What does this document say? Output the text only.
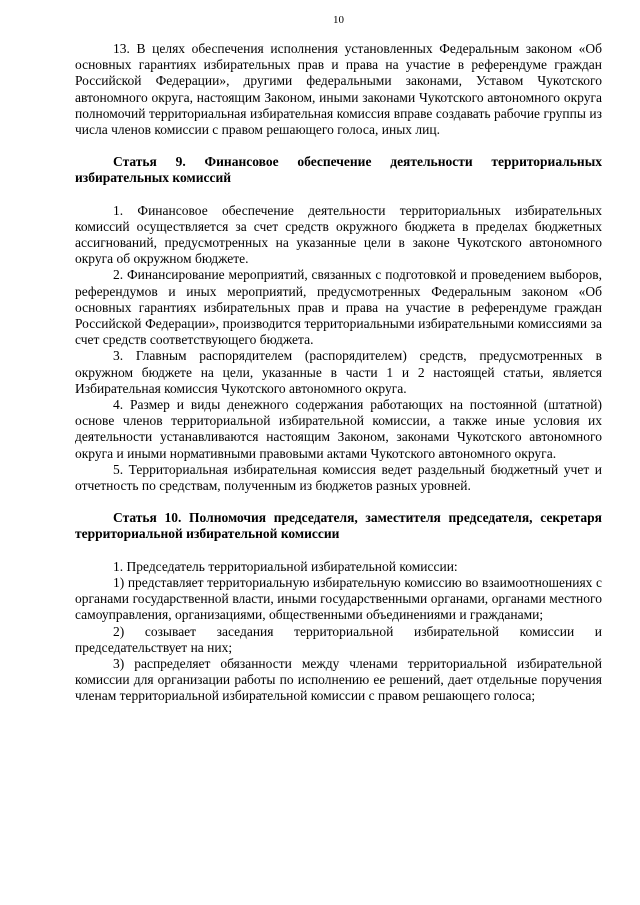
10

13. В целях обеспечения исполнения установленных Федеральным законом «Об основных гарантиях избирательных прав и права на участие в референдуме граждан Российской Федерации», другими федеральными законами, Уставом Чукотского автономного округа, настоящим Законом, иными законами Чукотского автономного округа полномочий территориальная избирательная комиссия вправе создавать рабочие группы из числа членов комиссии с правом решающего голоса, иных лиц.

Статья 9. Финансовое обеспечение деятельности территориальных избирательных комиссий

1. Финансовое обеспечение деятельности территориальных избирательных комиссий осуществляется за счет средств окружного бюджета в пределах бюджетных ассигнований, предусмотренных на указанные цели в законе Чукотского автономного округа об окружном бюджете.

2. Финансирование мероприятий, связанных с подготовкой и проведением выборов, референдумов и иных мероприятий, предусмотренных Федеральным законом «Об основных гарантиях избирательных прав и права на участие в референдуме граждан Российской Федерации», производится территориальными избирательными комиссиями за счет средств соответствующего бюджета.

3. Главным распорядителем (распорядителем) средств, предусмотренных в окружном бюджете на цели, указанные в части 1 и 2 настоящей статьи, является Избирательная комиссия Чукотского автономного округа.

4. Размер и виды денежного содержания работающих на постоянной (штатной) основе членов территориальной избирательной комиссии, а также иные условия их деятельности устанавливаются настоящим Законом, законами Чукотского автономного округа и иными нормативными правовыми актами Чукотского автономного округа.

5. Территориальная избирательная комиссия ведет раздельный бюджетный учет и отчетность по средствам, полученным из бюджетов разных уровней.

Статья 10. Полномочия председателя, заместителя председателя, секретаря территориальной избирательной комиссии

1. Председатель территориальной избирательной комиссии:

1) представляет территориальную избирательную комиссию во взаимоотношениях с органами государственной власти, иными государственными органами, органами местного самоуправления, организациями, общественными объединениями и гражданами;

2) созывает заседания территориальной избирательной комиссии и председательствует на них;

3) распределяет обязанности между членами территориальной избирательной комиссии для организации работы по исполнению ее решений, дает отдельные поручения членам территориальной избирательной комиссии с правом решающего голоса;
